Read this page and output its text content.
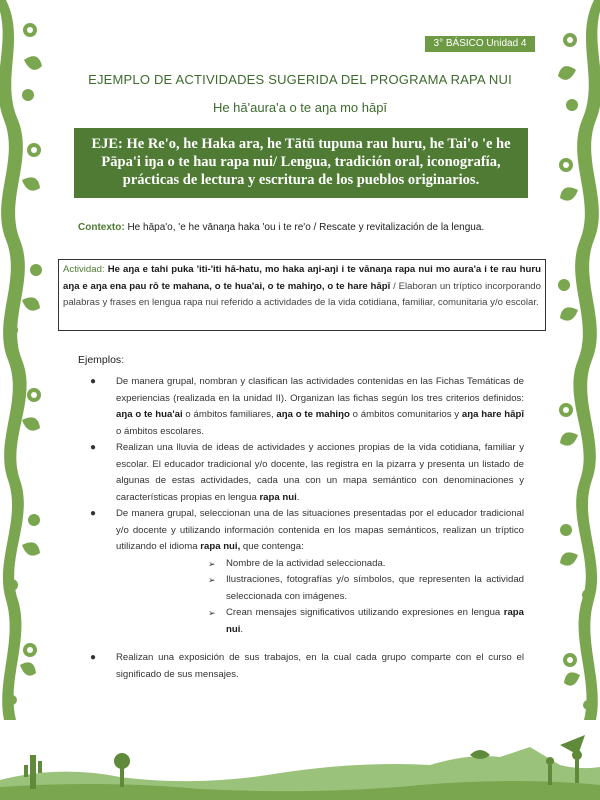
3° BÁSICO Unidad 4
EJEMPLO DE ACTIVIDADES SUGERIDA DEL PROGRAMA RAPA NUI
He hā'aura'a o te aŋa mo hāpī
EJE: He Re'o, he Haka ara, he Tātū tupuna rau huru, he Tai'o 'e he Pāpa'i iŋa o te hau rapa nui/ Lengua, tradición oral, iconografía, prácticas de lectura y escritura de los pueblos originarios.
Contexto: He hāpa'o, 'e he vānaŋa haka 'ou i te re'o / Rescate y revitalización de la lengua.
Actividad: He aŋa e tahi puka 'iti-'iti hā-hatu, mo haka aŋi-aŋi i te vānaŋa rapa nui mo aura'a i te rau huru aŋa e aŋa ena pau rō te mahana, o te hua'ai, o te mahiŋo, o te hare hāpī / Elaboran un tríptico incorporando palabras y frases en lengua rapa nui referido a actividades de la vida cotidiana, familiar, comunitaria y/o escolar.
Ejemplos:
● De manera grupal, nombran y clasifican las actividades contenidas en las Fichas Temáticas de experiencias (realizada en la unidad II). Organizan las fichas según los tres criterios definidos: aŋa o te hua'ai o ámbitos familiares, aŋa o te mahiŋo o ámbitos comunitarios y aŋa hare hāpī o ámbitos escolares.
● Realizan una lluvia de ideas de actividades y acciones propias de la vida cotidiana, familiar y escolar. El educador tradicional y/o docente, las registra en la pizarra y presenta un listado de algunas de estas actividades, cada una con un mapa semántico con denominaciones y características propias en lengua rapa nui.
● De manera grupal, seleccionan una de las situaciones presentadas por el educador tradicional y/o docente y utilizando información contenida en los mapas semánticos, realizan un tríptico utilizando el idioma rapa nui, que contenga:
➢ Nombre de la actividad seleccionada.
➢ Ilustraciones, fotografías y/o símbolos, que representen la actividad seleccionada con imágenes.
➢ Crean mensajes significativos utilizando expresiones en lengua rapa nui.
● Realizan una exposición de sus trabajos, en la cual cada grupo comparte con el curso el significado de sus mensajes.
